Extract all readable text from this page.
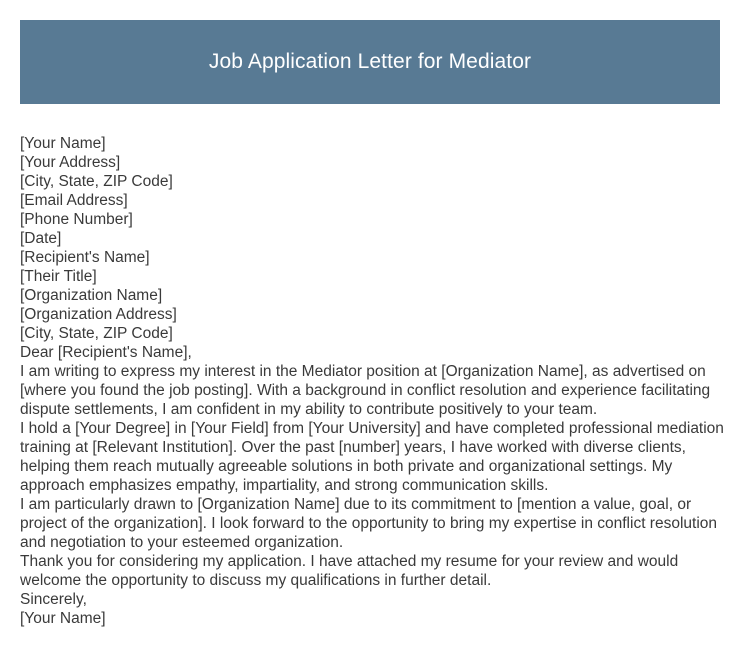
Job Application Letter for Mediator
[Your Name]
[Your Address]
[City, State, ZIP Code]
[Email Address]
[Phone Number]
[Date]
[Recipient's Name]
[Their Title]
[Organization Name]
[Organization Address]
[City, State, ZIP Code]
Dear [Recipient's Name],

I am writing to express my interest in the Mediator position at [Organization Name], as advertised on [where you found the job posting]. With a background in conflict resolution and experience facilitating dispute settlements, I am confident in my ability to contribute positively to your team.

I hold a [Your Degree] in [Your Field] from [Your University] and have completed professional mediation training at [Relevant Institution]. Over the past [number] years, I have worked with diverse clients, helping them reach mutually agreeable solutions in both private and organizational settings. My approach emphasizes empathy, impartiality, and strong communication skills.

I am particularly drawn to [Organization Name] due to its commitment to [mention a value, goal, or project of the organization]. I look forward to the opportunity to bring my expertise in conflict resolution and negotiation to your esteemed organization.

Thank you for considering my application. I have attached my resume for your review and would welcome the opportunity to discuss my qualifications in further detail.

Sincerely,
[Your Name]
